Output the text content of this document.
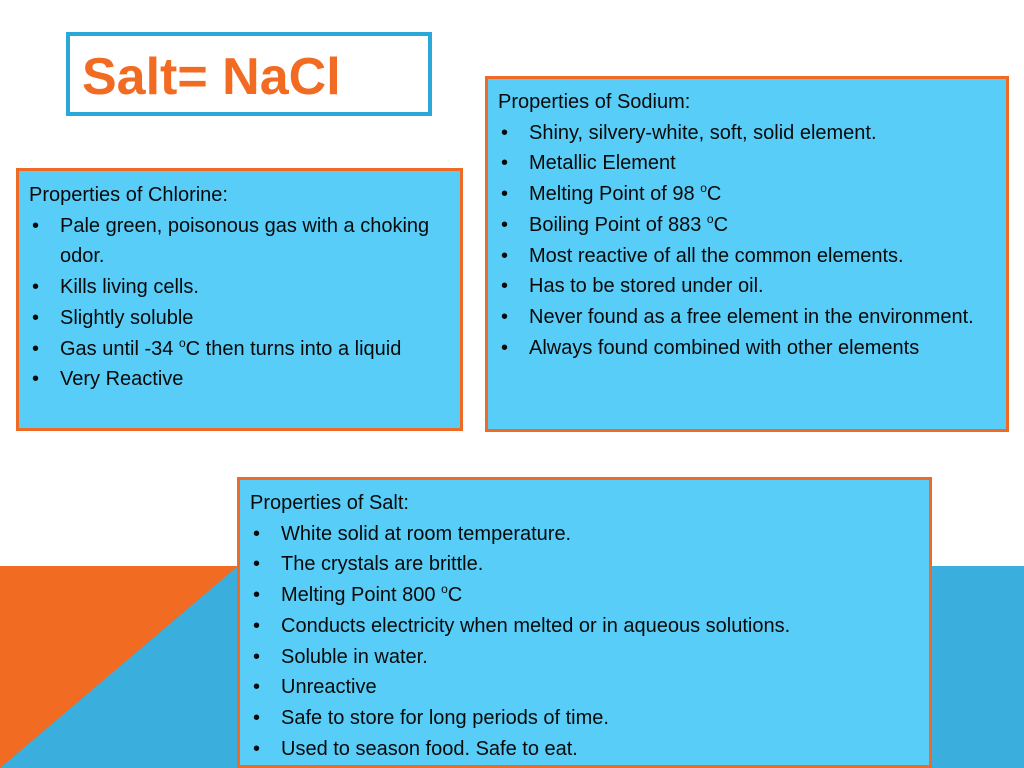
Salt= NaCl
Properties of Chlorine:
• Pale green, poisonous gas with a choking odor.
• Kills living cells.
• Slightly soluble
• Gas until -34 $^o$C then turns into a liquid
• Very Reactive
Properties of Sodium:
• Shiny, silvery-white, soft, solid element.
• Metallic Element
• Melting Point of 98 $^o$C
• Boiling Point of 883 $^o$C
• Most reactive of all the common elements.
• Has to be stored under oil.
• Never found as a free element in the environment.
• Always found combined with other elements
Properties of Salt:
• White solid at room temperature.
• The crystals are brittle.
• Melting Point 800 $^o$C
• Conducts electricity when melted or in aqueous solutions.
• Soluble in water.
• Unreactive
• Safe to store for long periods of time.
• Used to season food. Safe to eat.
